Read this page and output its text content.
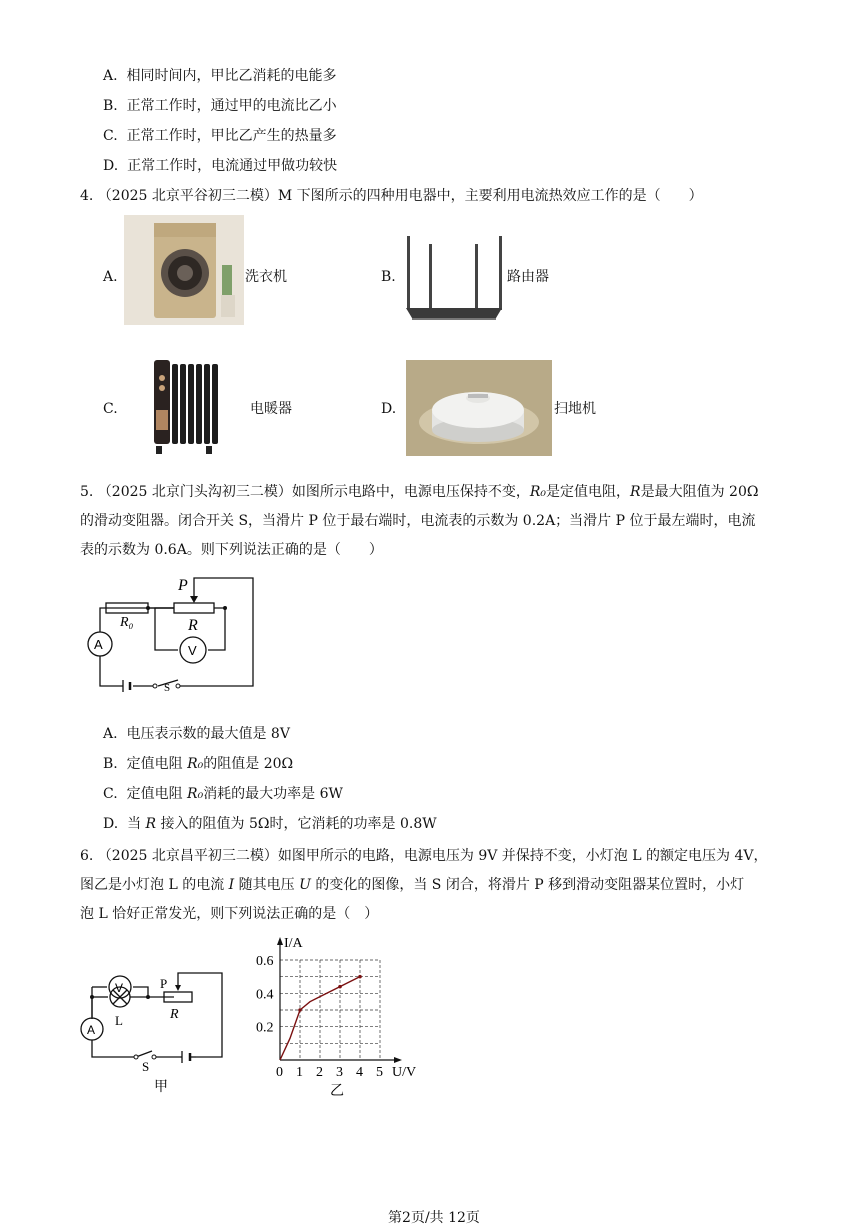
A. 相同时间内，甲比乙消耗的电能多
B. 正常工作时，通过甲的电流比乙小
C. 正常工作时，甲比乙产生的热量多
D. 正常工作时，电流通过甲做功较快
4. （2025 北京平谷初三二模）M 下图所示的四种用电器中，主要利用电流热效应工作的是（　　）
A.	洗衣机	B.	路由器
C.	电暖器	D.	扫地机
5. （2025 北京门头沟初三二模）如图所示电路中，电源电压保持不变，R₀是定值电阻，R是最大阻值为 20Ω
的滑动变阻器。闭合开关 S，当滑片 P 位于最右端时，电流表的示数为 0.2A；当滑片 P 位于最左端时，电流
表的示数为 0.6A。则下列说法正确的是（　　）
P
R₀	R
A	V
S
A. 电压表示数的最大值是 8V
B. 定值电阻 R₀的阻值是 20Ω
C. 定值电阻 R₀消耗的最大功率是 6W
D. 当 R 接入的阻值为 5Ω时，它消耗的功率是 0.8W
6. （2025 北京昌平初三二模）如图甲所示的电路，电源电压为 9V 并保持不变，小灯泡 L 的额定电压为 4V，
图乙是小灯泡 L 的电流 I 随其电压 U 的变化的图像，当 S 闭合，将滑片 P 移到滑动变阻器某位置时，小灯
泡 L 恰好正常发光，则下列说法正确的是（　）
V
L
P
R
A
S
甲
0 1 2 3 4 5
0.2
0.4
0.6
I/A
U/V
乙
第2页/共 12页
